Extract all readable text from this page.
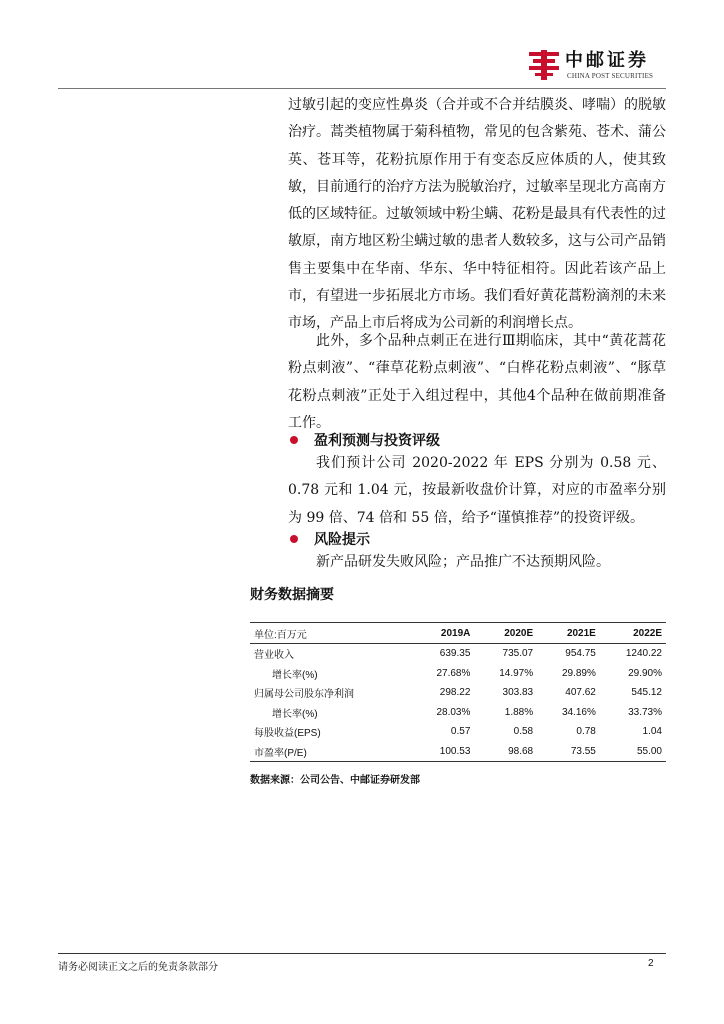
中邮证券
CHINA POST SECURITIES

过敏引起的变应性鼻炎（合并或不合并结膜炎、哮喘）的脱敏治疗。蒿类植物属于菊科植物，常见的包含紫苑、苍术、蒲公英、苍耳等，花粉抗原作用于有变态反应体质的人，使其致敏，目前通行的治疗方法为脱敏治疗，过敏率呈现北方高南方低的区域特征。过敏领域中粉尘螨、花粉是最具有代表性的过敏原，南方地区粉尘螨过敏的患者人数较多，这与公司产品销售主要集中在华南、华东、华中特征相符。因此若该产品上市，有望进一步拓展北方市场。我们看好黄花蒿粉滴剂的未来市场，产品上市后将成为公司新的利润增长点。

此外，多个品种点刺正在进行Ⅲ期临床，其中“黄花蒿花粉点刺液”、“葎草花粉点刺液”、“白桦花粉点刺液”、“豚草花粉点刺液”正处于入组过程中，其他4个品种在做前期准备工作。

盈利预测与投资评级

我们预计公司 2020-2022 年 EPS 分别为 0.58 元、0.78 元和 1.04 元，按最新收盘价计算，对应的市盈率分别为 99 倍、74 倍和 55 倍，给予“谨慎推荐”的投资评级。

风险提示

新产品研发失败风险；产品推广不达预期风险。

财务数据摘要
单位:百万元	2019A	2020E	2021E	2022E
营业收入	639.35	735.07	954.75	1240.22
增长率(%)	27.68%	14.97%	29.89%	29.90%
归属母公司股东净利润	298.22	303.83	407.62	545.12
增长率(%)	28.03%	1.88%	34.16%	33.73%
每股收益(EPS)	0.57	0.58	0.78	1.04
市盈率(P/E)	100.53	98.68	73.55	55.00
数据来源：公司公告、中邮证券研发部
请务必阅读正文之后的免责条款部分	2
